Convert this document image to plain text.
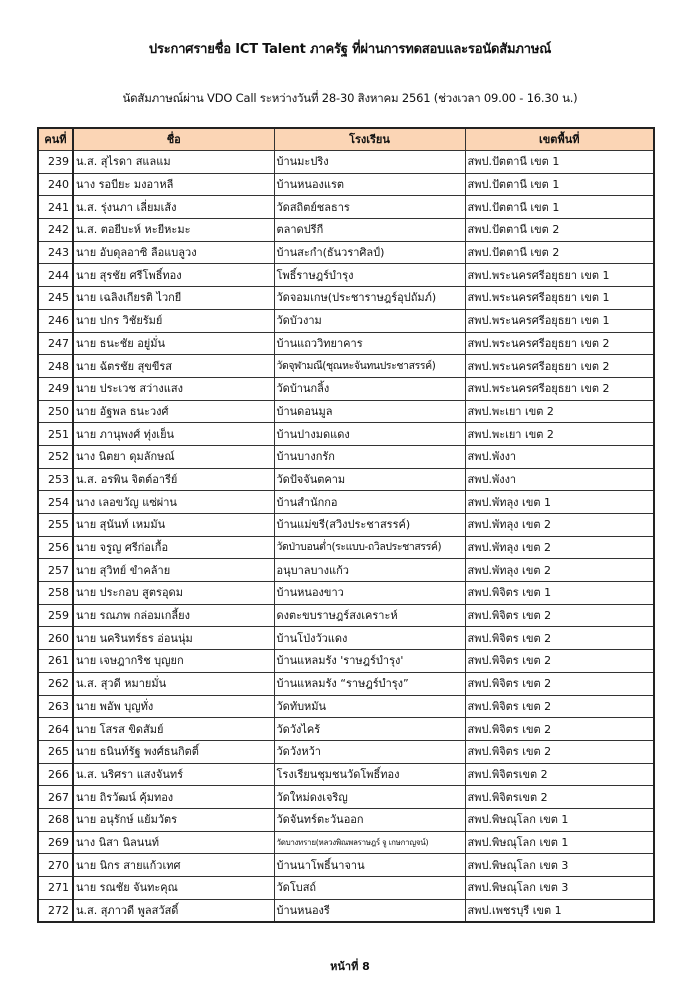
ประกาศรายชื่อ ICT Talent ภาครัฐ ที่ผ่านการทดสอบและรอนัดสัมภาษณ์
นัดสัมภาษณ์ผ่าน VDO Call ระหว่างวันที่ 28-30 สิงหาคม 2561 (ช่วงเวลา 09.00 - 16.30 น.)
คนที่	ชื่อ	โรงเรียน	เขตพื้นที่
239	น.ส. สุไรดา สแลแม	บ้านมะปริง	สพป.ปัตตานี เขต 1
240	นาง รอบียะ มงอาหลี	บ้านหนองแรต	สพป.ปัตตานี เขต 1
241	น.ส. รุ่งนภา เลี่ยมเส้ง	วัดสถิตย์ชลธาร	สพป.ปัตตานี เขต 1
242	น.ส. ตอยีบะห์ หะยีหะมะ	ตลาดปรีกี	สพป.ปัตตานี เขต 2
243	นาย อับดุลอาซิ ลือแบลูวง	บ้านสะกำ(ธันวราศิลป์)	สพป.ปัตตานี เขต 2
244	นาย สุรชัย ศรีโพธิ์ทอง	โพธิ์ราษฎร์บำรุง	สพป.พระนครศรีอยุธยา เขต 1
245	นาย เฉลิงเกียรติ ไวกยี	วัดจอมเกษ(ประชาราษฎร์อุปถัมภ์)	สพป.พระนครศรีอยุธยา เขต 1
246	นาย ปกร วิชัยรัมย์	วัดบัวงาม	สพป.พระนครศรีอยุธยา เขต 1
247	นาย ธนะชัย อยู่มั่น	บ้านแถววิทยาคาร	สพป.พระนครศรีอยุธยา เขต 2
248	นาย ฉัตรชัย สุขขีรส	วัดจุฬามณี(ชุณหะจันทนประชาสรรค์)	สพป.พระนครศรีอยุธยา เขต 2
249	นาย ประเวช สว่างแสง	วัดบ้านกลิ้ง	สพป.พระนครศรีอยุธยา เขต 2
250	นาย อัฐพล ธนะวงศ์	บ้านดอนมูล	สพป.พะเยา เขต 2
251	นาย ภานุพงศ์ ทุ่งเย็น	บ้านปางมดแดง	สพป.พะเยา เขต 2
252	นาง นิตยา ดุมลักษณ์	บ้านบางกรัก	สพป.พังงา
253	น.ส. อรพิน จิตต์อารีย์	วัดปัจจันตคาม	สพป.พังงา
254	นาง เลอขวัญ แซ่ผ่าน	บ้านสำนักกอ	สพป.พัทลุง เขต 1
255	นาย สุนันท์ เหมมัน	บ้านแม่ขรี(สวิงประชาสรรค์)	สพป.พัทลุง เขต 2
256	นาย จรูญ ศรีก่อเกื้อ	วัดป่าบอนต่ำ(ระแบบ-ถวิลประชาสรรค์)	สพป.พัทลุง เขต 2
257	นาย สุวิทย์ ขำคล้าย	อนุบาลบางแก้ว	สพป.พัทลุง เขต 2
258	นาย ประกอบ สูตรอุดม	บ้านหนองขาว	สพป.พิจิตร เขต 1
259	นาย รณภพ กล่อมเกลี้ยง	ดงตะขบราษฎร์สงเคราะห์	สพป.พิจิตร เขต 2
260	นาย นครินทร์ธร อ่อนนุ่ม	บ้านโป่งวัวแดง	สพป.พิจิตร เขต 2
261	นาย เจษฎากริช บุญยก	บ้านแหลมรัง 'ราษฎร์บำรุง'	สพป.พิจิตร เขต 2
262	น.ส. สุวดี หมายมั่น	บ้านแหลมรัง “ราษฎร์บำรุง”	สพป.พิจิตร เขต 2
263	นาย พอัพ บุญทั่ง	วัดทับหมัน	สพป.พิจิตร เขต 2
264	นาย โสรส ขิดสัมย์	วัดวังไคร้	สพป.พิจิตร เขต 2
265	นาย ธนินท์รัฐ พงศ์ธนกิตติ์	วัดวังหว้า	สพป.พิจิตร เขต 2
266	น.ส. นริศรา แสงจันทร์	โรงเรียนชุมชนวัดโพธิ์ทอง	สพป.พิจิตรเขต 2
267	นาย ถิรวัฒน์ คุ้มทอง	วัดใหม่ดงเจริญ	สพป.พิจิตรเขต 2
268	นาย อนุรักษ์ แย้มวัตร	วัดจันทร์ตะวันออก	สพป.พิษณุโลก เขต 1
269	นาง นิสา นิลนนท์	วัดบางทราย(หลวงพิณพลราษฎร์ จู เกษกาญจน์)	สพป.พิษณุโลก เขต 1
270	นาย นิกร สายแก้วเทศ	บ้านนาโพธิ์นาจาน	สพป.พิษณุโลก เขต 3
271	นาย รณชัย จันทะคุณ	วัดโบสถ์	สพป.พิษณุโลก เขต 3
272	น.ส. สุภาวดี พูลสวัสดิ์	บ้านหนองรี	สพป.เพชรบุรี เขต 1
หน้าที่ 8
